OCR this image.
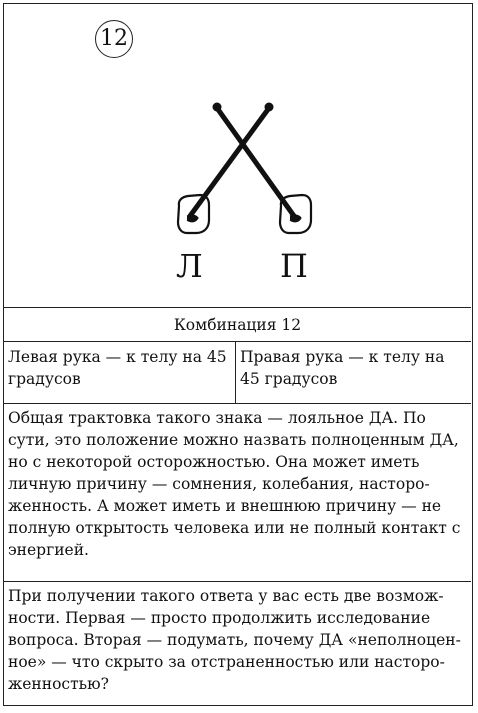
12
Л П
Комбинация 12
Левая рука — к телу на 45 градусов
Правая рука — к телу на 45 градусов

Общая трактовка такого знака — лояльное ДА. По сути, это положение можно назвать полноценным ДА, но с некоторой осторожностью. Она может иметь личную причину — сомнения, колебания, настороженность. А может иметь и внешнюю причину — не полную открытость человека или не полный контакт с энергией.

При получении такого ответа у вас есть две возможности. Первая — просто продолжить исследование вопроса. Вторая — подумать, почему ДА «неполноценное» — что скрыто за отстраненностью или настороженностью?
